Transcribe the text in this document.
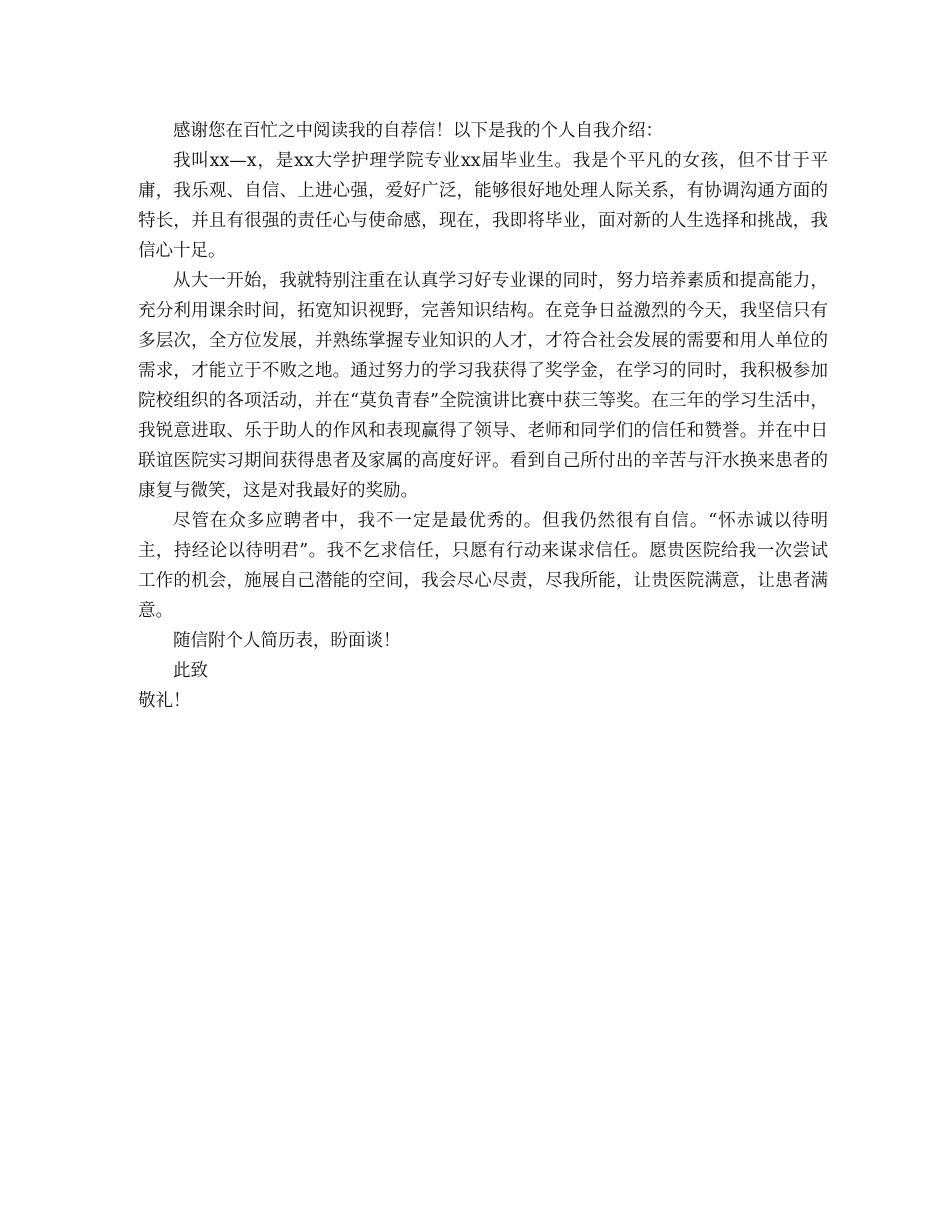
感谢您在百忙之中阅读我的自荐信！以下是我的个人自我介绍：

我叫xx—x，是xx大学护理学院专业xx届毕业生。我是个平凡的女孩，但不甘于平庸，我乐观、自信、上进心强，爱好广泛，能够很好地处理人际关系，有协调沟通方面的特长，并且有很强的责任心与使命感，现在，我即将毕业，面对新的人生选择和挑战，我信心十足。

从大一开始，我就特别注重在认真学习好专业课的同时，努力培养素质和提高能力，充分利用课余时间，拓宽知识视野，完善知识结构。在竞争日益激烈的今天，我坚信只有多层次，全方位发展，并熟练掌握专业知识的人才，才符合社会发展的需要和用人单位的需求，才能立于不败之地。通过努力的学习我获得了奖学金，在学习的同时，我积极参加院校组织的各项活动，并在“莫负青春”全院演讲比赛中获三等奖。在三年的学习生活中，我锐意进取、乐于助人的作风和表现赢得了领导、老师和同学们的信任和赞誉。并在中日联谊医院实习期间获得患者及家属的高度好评。看到自己所付出的辛苦与汗水换来患者的康复与微笑，这是对我最好的奖励。

尽管在众多应聘者中，我不一定是最优秀的。但我仍然很有自信。“怀赤诚以待明主，持经论以待明君”。我不乞求信任，只愿有行动来谋求信任。愿贵医院给我一次尝试工作的机会，施展自己潜能的空间，我会尽心尽责，尽我所能，让贵医院满意，让患者满意。

随信附个人简历表，盼面谈！

此致

敬礼！
